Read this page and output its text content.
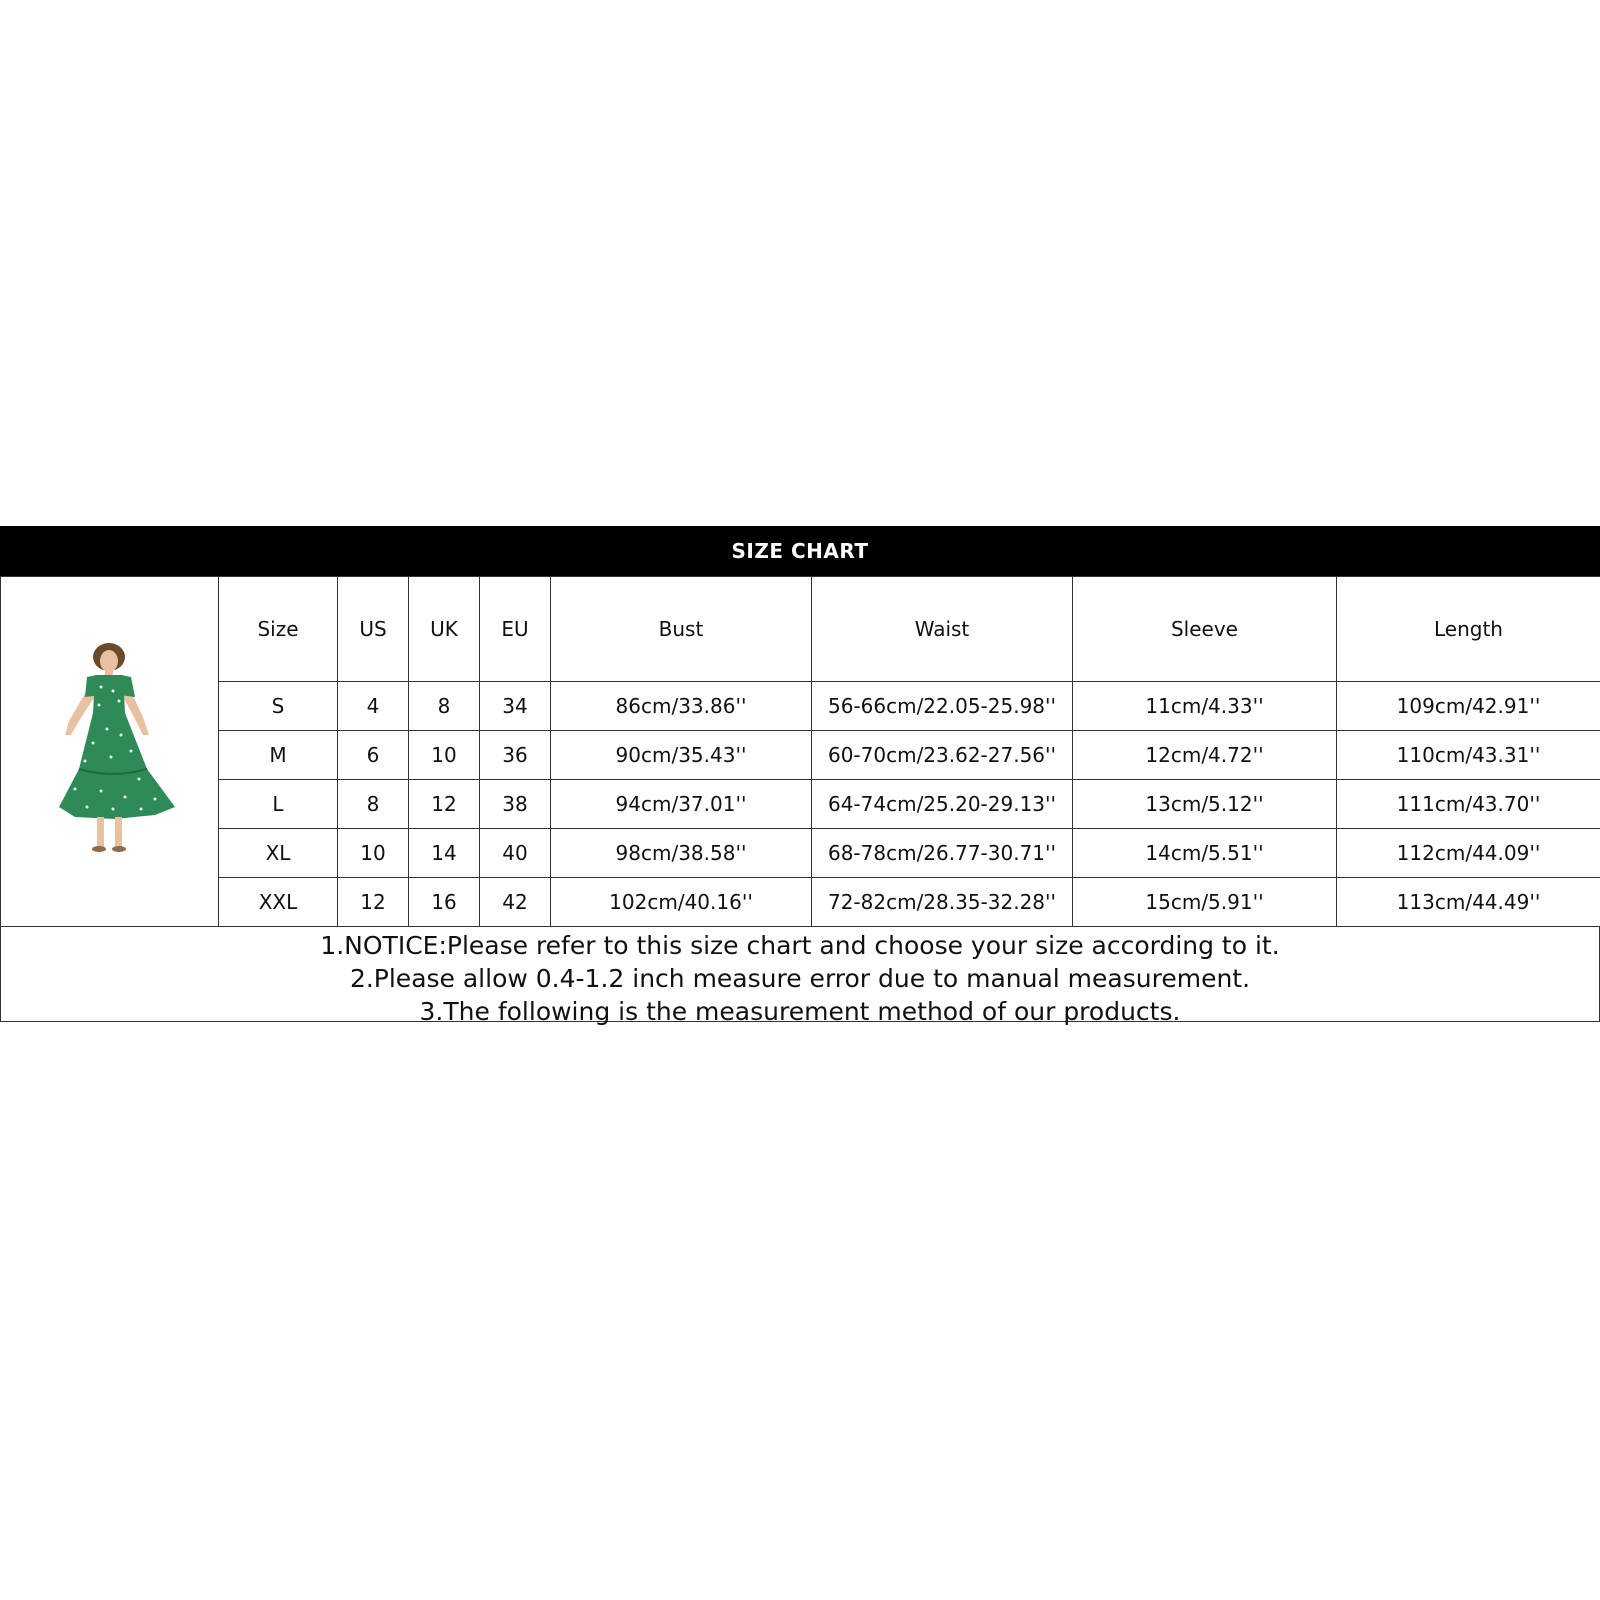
SIZE CHART
	Size	US	UK	EU	Bust	Waist	Sleeve	Length
	S	4	8	34	86cm/33.86''	56-66cm/22.05-25.98''	11cm/4.33''	109cm/42.91''
	M	6	10	36	90cm/35.43''	60-70cm/23.62-27.56''	12cm/4.72''	110cm/43.31''
	L	8	12	38	94cm/37.01''	64-74cm/25.20-29.13''	13cm/5.12''	111cm/43.70''
	XL	10	14	40	98cm/38.58''	68-78cm/26.77-30.71''	14cm/5.51''	112cm/44.09''
	XXL	12	16	42	102cm/40.16''	72-82cm/28.35-32.28''	15cm/5.91''	113cm/44.49''
1.NOTICE:Please refer to this size chart and choose your size according to it.
2.Please allow 0.4-1.2 inch measure error due to manual measurement.
3.The following is the measurement method of our products.
